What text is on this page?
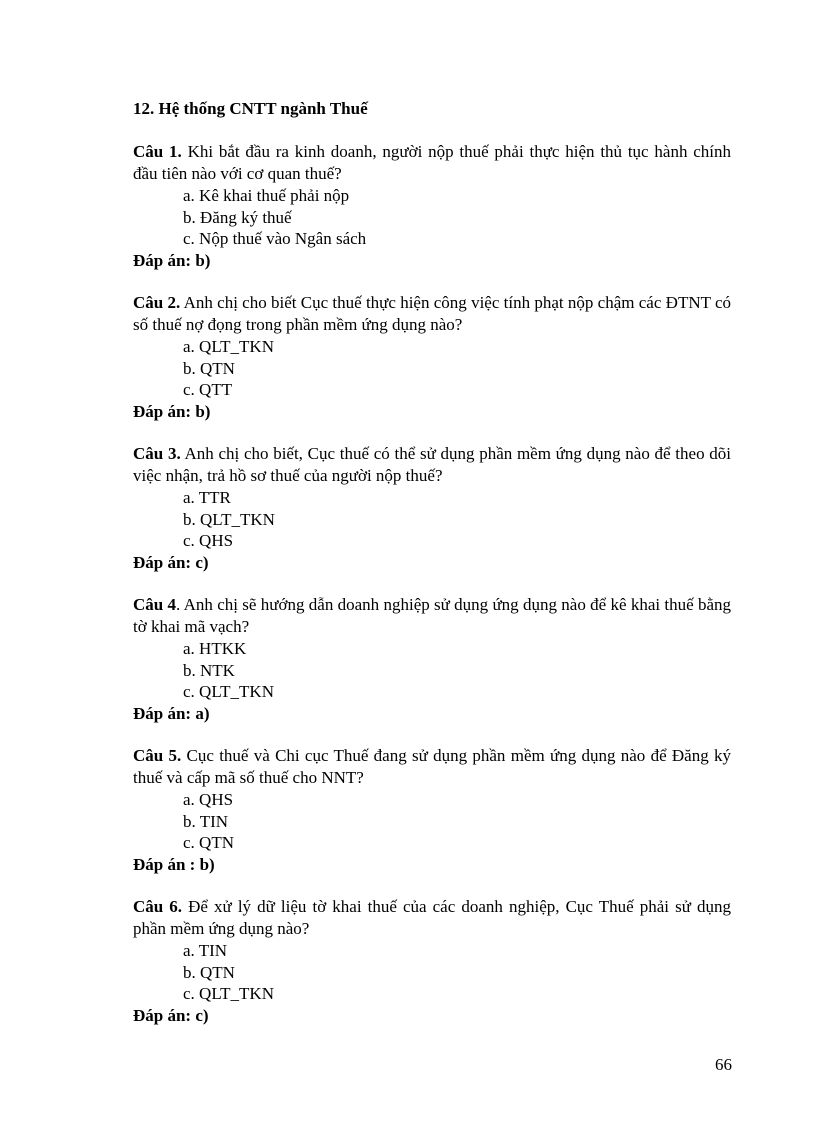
12. Hệ thống CNTT ngành Thuế

Câu 1. Khi bắt đầu ra kinh doanh, người nộp thuế phải thực hiện thủ tục hành chính đầu tiên nào với cơ quan thuế?

a. Kê khai thuế phải nộp
b. Đăng ký thuế
c. Nộp thuế vào Ngân sách

Đáp án: b)

Câu 2. Anh chị cho biết Cục thuế thực hiện công việc tính phạt nộp chậm các ĐTNT có số thuế nợ đọng trong phần mềm ứng dụng nào?

a. QLT_TKN
b. QTN
c. QTT

Đáp án: b)

Câu 3. Anh chị cho biết, Cục thuế có thể sử dụng phần mềm ứng dụng nào để theo dõi việc nhận, trả hồ sơ thuế của người nộp thuế?

a. TTR
b. QLT_TKN
c. QHS

Đáp án: c)

Câu 4. Anh chị sẽ hướng dẫn doanh nghiệp sử dụng ứng dụng nào để kê khai thuế bằng tờ khai mã vạch?

a. HTKK
b. NTK
c. QLT_TKN

Đáp án: a)

Câu 5. Cục thuế và Chi cục Thuế đang sử dụng phần mềm ứng dụng nào để Đăng ký thuế và cấp mã số thuế cho NNT?

a. QHS
b. TIN
c. QTN

Đáp án : b)

Câu 6. Để xử lý dữ liệu tờ khai thuế của các doanh nghiệp, Cục Thuế phải sử dụng phần mềm ứng dụng nào?

a. TIN
b. QTN
c. QLT_TKN

Đáp án: c)

66
